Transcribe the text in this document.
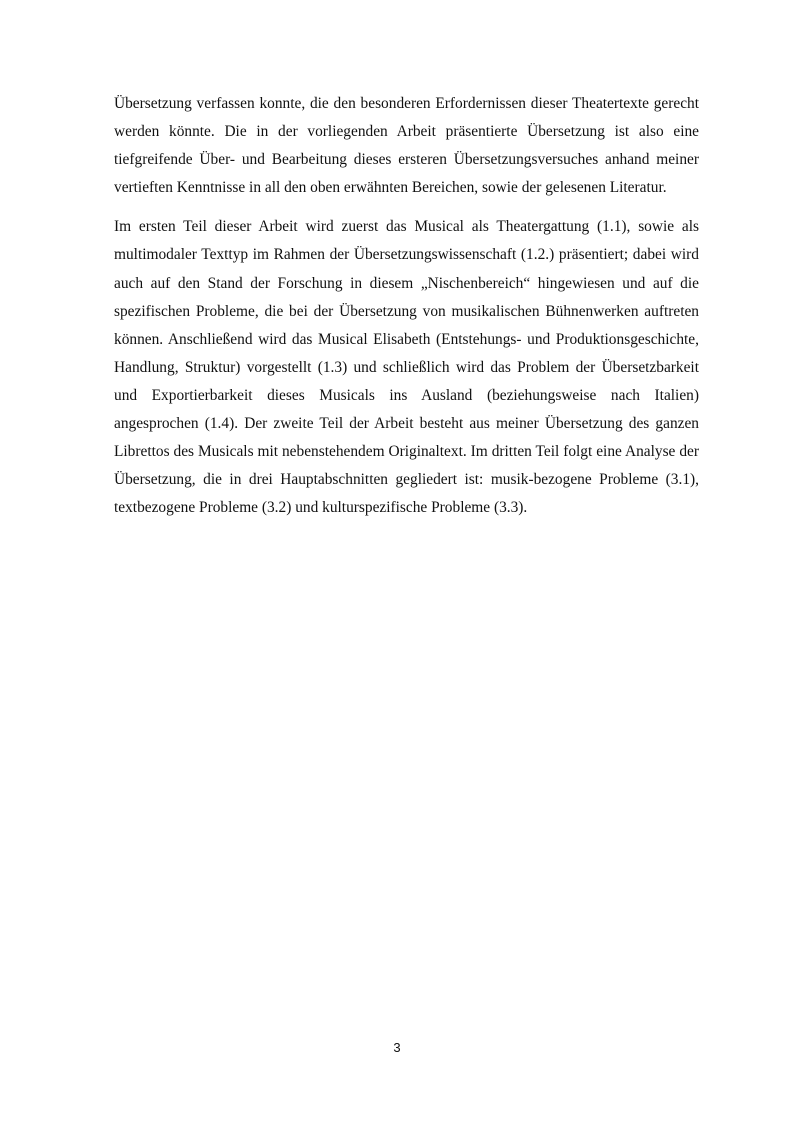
Übersetzung verfassen konnte, die den besonderen Erfordernissen dieser Theatertexte gerecht werden könnte. Die in der vorliegenden Arbeit präsentierte Übersetzung ist also eine tiefgreifende Über- und Bearbeitung dieses ersteren Übersetzungsversuches anhand meiner vertieften Kenntnisse in all den oben erwähnten Bereichen, sowie der gelesenen Literatur.

Im ersten Teil dieser Arbeit wird zuerst das Musical als Theatergattung (1.1), sowie als multimodaler Texttyp im Rahmen der Übersetzungswissenschaft (1.2.) präsentiert; dabei wird auch auf den Stand der Forschung in diesem „Nischenbereich“ hingewiesen und auf die spezifischen Probleme, die bei der Übersetzung von musikalischen Bühnenwerken auftreten können. Anschließend wird das Musical Elisabeth (Entstehungs- und Produktionsgeschichte, Handlung, Struktur) vorgestellt (1.3) und schließlich wird das Problem der Übersetzbarkeit und Exportierbarkeit dieses Musicals ins Ausland (beziehungsweise nach Italien) angesprochen (1.4). Der zweite Teil der Arbeit besteht aus meiner Übersetzung des ganzen Librettos des Musicals mit nebenstehendem Originaltext. Im dritten Teil folgt eine Analyse der Übersetzung, die in drei Hauptabschnitten gegliedert ist: musik-bezogene Probleme (3.1), textbezogene Probleme (3.2) und kulturspezifische Probleme (3.3).

3
